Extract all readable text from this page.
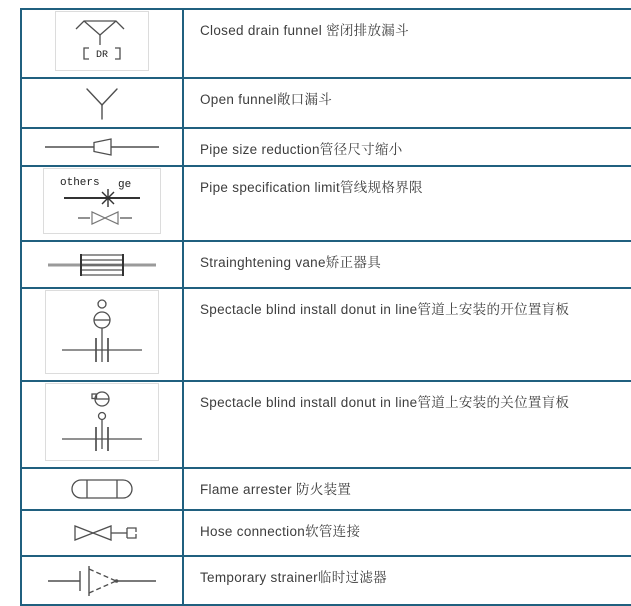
DR	Closed drain funnel 密闭排放漏斗

	Open funnel敞口漏斗

	Pipe size reduction管径尺寸缩小

others ge	Pipe specification limit管线规格界限

	Strainghtening vane矫正器具

	Spectacle blind install donut in line管道上安装的开位置肓板

	Spectacle blind install donut in line管道上安装的关位置肓板

	Flame arrester 防火装置

	Hose connection软管连接

	Temporary strainer临时过滤器
